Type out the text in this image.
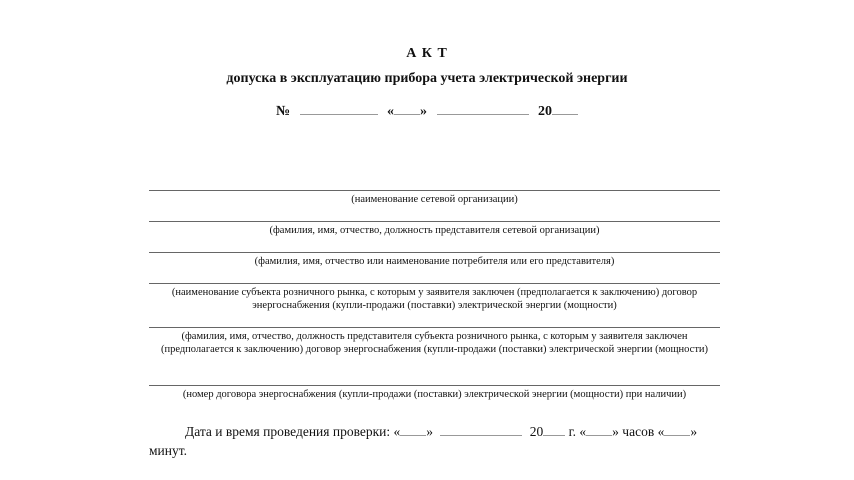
А К Т
допуска в эксплуатацию прибора учета электрической энергии
№	« »	20
(наименование сетевой организации)
(фамилия, имя, отчество, должность представителя сетевой организации)
(фамилия, имя, отчество или наименование потребителя или его представителя)
(наименование субъекта розничного рынка, с которым у заявителя заключен (предполагается к заключению) договор энергоснабжения (купли-продажи (поставки) электрической энергии (мощности)
(фамилия, имя, отчество, должность представителя субъекта розничного рынка, с которым у заявителя заключен (предполагается к заключению) договор энергоснабжения (купли-продажи (поставки) электрической энергии (мощности)
(номер договора энергоснабжения (купли-продажи (поставки) электрической энергии (мощности) при наличии)
Дата и время проведения проверки: « »	20 г. « » часов « » минут.
